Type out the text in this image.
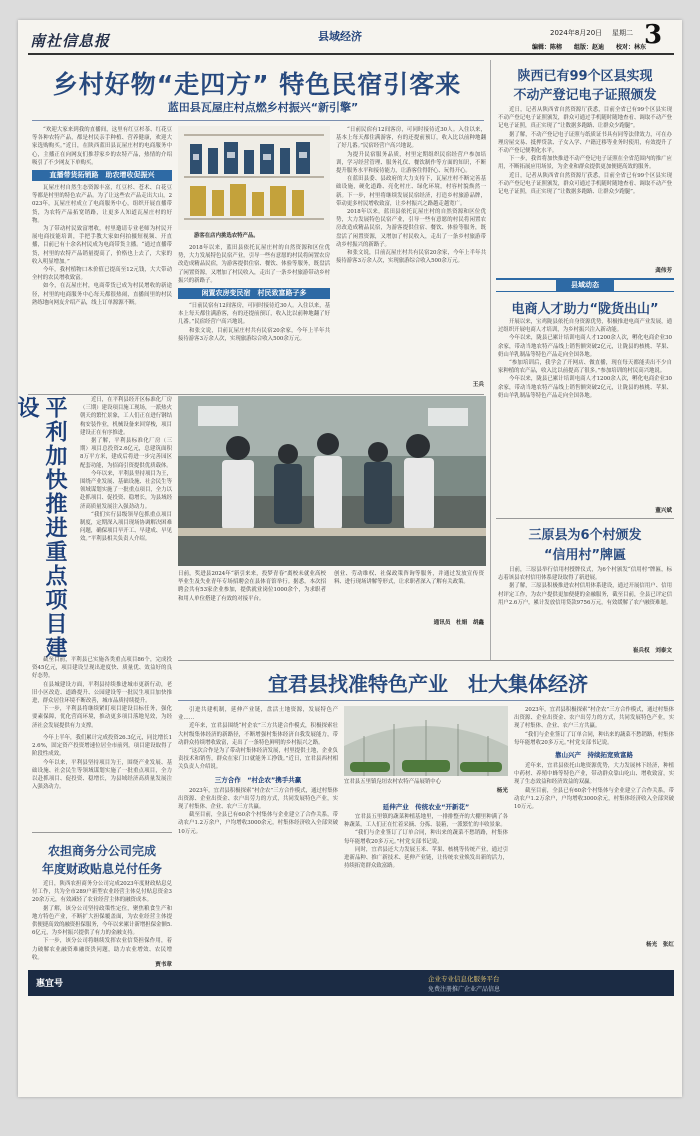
南社信息报	县域经济	2024年8月20日	星期二 3
编辑：陈榕	组版：赵迪	校对：林东
乡村好物“走四方” 特色民宿引客来
蓝田县瓦屋庄村点燃乡村振兴“新引擎”
“欢迎大家来到我的直播间，这里有红豆杉茶、红花豆等各种农特产品，都是村民亲手种植、营养健康，欢迎大家选购购买。”近日，在陕西蓝田县瓦屋庄村的电商服务中心，主播正在向网友们推荐家乡的农特产品，热情的介绍吸引了不少网友下单购买。
直播带货拓销路　助农增收促振兴
瓦屋庄村自然生态资源丰富，红豆杉、苍术、白花豆等都是村里的特色农产品。为了让这些农产品走出大山，2023年，瓦屋庄村成立了电商服务中心，组织开展直播带货，为农特产品拓宽销路，让更多人知道瓦屋庄村的好物。
为了带动村民致富增收，村里邀请专业老师为村民开展电商技能培训，手把手教大家如何拍摄短视频、开直播，目前已有十余名村民成为电商带货主播。“通过直播带货，村里的农特产品销量提高了，价格也上去了，大家的收入明显增加。”
今年，我村植物口木价值已提高至12元钱，大大带动全村的农民增收致富。
如今，在瓦屋庄村，电商带货已成为村民增收的新途径，村里的电商服务中心每天都很热闹，直播间里的村民熟练地向网友介绍产品，线上订单源源不断。
游客在店内挑选农特产品。
2018年以来，蓝田县依托瓦屋庄村的自然资源和区位优势，大力发展特色民宿产业，引导一些有意愿的村民将闲置农房改造成精品民宿，为游客提供住宿、餐饮、体验等服务，既盘活了闲置资源，又增加了村民收入，走出了一条乡村旅游带动乡村振兴的新路子。
闲置农房变民宿　村民致富路子多
“日前民宿有12间客房，可同时接待近30人。入住以来，基本上每天都住满游客，有的还提前预订，收入比以前种地翻了好几番。”民宿经营户高兴地说。
和张文说，目前瓦屋庄村共有民宿20余家，今年上半年共接待游客3万余人次，实现旅游综合收入500余万元。
“日前民宿有12间客房，可同时接待近30人。入住以来，基本上每天都住满游客，有的还提前预订，收入比以前种地翻了好几番。”民宿经营户高兴地说。
为提升民宿服务品质，村里定期组织民宿经营户参加培训，学习经营管理、服务礼仪、餐饮制作等方面的知识，不断提升服务水平和接待能力，让游客住得舒心、玩得开心。
在蓝田县委、县政府的大力支持下，瓦屋庄村不断完善基础设施，硬化道路、亮化村庄、绿化环境，村容村貌焕然一新。下一步，村里将继续发展民宿经济，打造乡村旅游品牌，带动更多村民增收致富，让乡村振兴之路越走越宽广。
2018年以来，蓝田县依托瓦屋庄村的自然资源和区位优势，大力发展特色民宿产业，引导一些有意愿的村民将闲置农房改造成精品民宿，为游客提供住宿、餐饮、体验等服务，既盘活了闲置资源，又增加了村民收入，走出了一条乡村旅游带动乡村振兴的新路子。
和张文说，目前瓦屋庄村共有民宿20余家，今年上半年共接待游客3万余人次，实现旅游综合收入500余万元。
王兵
平利加快推进重点项目建设	近日，在平利县经开区标准化厂房（三期）建设项目施工现场，一派热火朝天的繁忙景象，工人们正在进行钢结构安装作业，机械设备来回穿梭，项目建设正在有序推进。
据了解，平利县标准化厂房（三期）项目总投资2.6亿元，总建筑面积8万平方米，建成后将进一步完善园区配套功能，为招商引资提供优质载体。
今年以来，平利县坚持项目为王，围绕产业发展、基础设施、社会民生等领域谋划实施了一批重点项目，全力以赴抓项目、促投资、稳增长，为县域经济高质量发展注入强劲动力。
“我们实行县级领导包抓重点项目制度，定期深入项目现场协调解决困难问题，确保项目早开工、早建成、早见效。”平利县相关负责人介绍。
截至目前，平利县已实施各类重点项目86个，完成投资45亿元，项目建设呈现出进度快、质量优、效益好的良好态势。
在县城建设方面，平利县持续推进城市更新行动，老旧小区改造、道路提升、公园建设等一批民生项目加快推进，群众居住环境不断改善，城市品质持续提升。
下一步，平利县将继续紧盯项目建设目标任务，强化要素保障，优化营商环境，推动更多项目落地见效，为经济社会发展提供有力支撑。
今年上半年，我们累计完成投资26.3亿元，同比增长12.6%，固定资产投资增速位居全市前列，项目建设取得了阶段性成效。
今年以来，平利县坚持项目为王，围绕产业发展、基础设施、社会民生等领域谋划实施了一批重点项目，全力以赴抓项目、促投资、稳增长，为县域经济高质量发展注入强劲动力。
农担商务分公司完成
年度财政贴息兑付任务
近日，陕西农担商务分公司完成2023年度财政贴息兑付工作，共为全市289户新型农业经营主体兑付贴息资金320余万元，有效减轻了农业经营主体的融资成本。
据了解，该分公司坚持政策性定位，聚焦粮食生产和地方特色产业，不断扩大担保覆盖面，为农业经营主体提供便捷高效的融资担保服务，今年以来累计新增担保金额5.6亿元，为乡村振兴提供了有力的金融支持。
下一步，该分公司将继续发挥农业信贷担保作用，着力破解农业融资难融资贵问题，助力农业增效、农民增收。
贾书章
日前，奖进县2024年“新引来来，投梦青春”离校未就业高校毕业生及失业青年专场招聘会在县体育馆举行。据悉，本次招聘会共有53家企业参加，提供就业岗位1000余个，为求职者和用人单位搭建了有效的对接平台。
创业、劳动维权、社保政策咨询等服务，并通过发放宣传资料、进行现场讲解等形式，让求职者深入了解有关政策。
通讯员　杜娟　胡鑫
陕西已有99个区县实现
不动产登记电子证照颁发
近日，记者从陕西省自然资源厅获悉，目前全省已有99个区县实现不动产登记电子证照颁发，群众可通过手机随时随地查看、调取不动产登记电子证照，真正实现了“让数据多跑路、让群众少跑腿”。
据了解，不动产登记电子证照与纸质证书具有同等法律效力，可在办理房屋交易、抵押贷款、子女入学、户籍迁移等业务时使用，有效提升了不动产登记便利化水平。
下一步，我省将加快推进不动产登记电子证照在全省范围内的推广应用，不断拓展应用场景，为企业和群众提供更加便捷高效的服务。
近日，记者从陕西省自然资源厅获悉，目前全省已有99个区县实现不动产登记电子证照颁发，群众可通过手机随时随地查看、调取不动产登记电子证照，真正实现了“让数据多跑路、让群众少跑腿”。
龚伟芳
县域动态
电商人才助力“陇货出山”
开展以来，宝鸡陇县依托自身资源优势，积极推进电商产业发展，通过组织开展电商人才培训，为乡村振兴注入新动能。
今年以来，陇县已累计培训电商人才1200余人次，孵化电商企业30余家，带动当地农特产品线上销售额突破2亿元，让陇县的核桃、苹果、奶山羊乳制品等特色产品走向全国各地。
“参加培训后，我学会了开网店、做直播，现在每天都能卖出不少自家种植的农产品，收入比以前提高了很多。”参加培训的村民高兴地说。
今年以来，陇县已累计培训电商人才1200余人次，孵化电商企业30余家，带动当地农特产品线上销售额突破2亿元，让陇县的核桃、苹果、奶山羊乳制品等特色产品走向全国各地。
董兴斌
三原县为6个村颁发
“信用村”牌匾
日前，三原县举行信用村授牌仪式，为6个村颁发“信用村”牌匾，标志着该县农村信用体系建设取得了新进展。
据了解，三原县积极推进农村信用体系建设，通过开展信用户、信用村评定工作，为农户提供更加便捷的金融服务，截至目前，全县已评定信用户2.6万户，累计发放信用贷款9756万元，有效缓解了农户融资难题。
崔兵权　刘泰文
宜君县找准特色产业　壮大集体经济
引进共建机制，延伸产业链，盘活土地资源，发展特色产业……
近年来，宜君县围绕“村企农”三方共建合作模式，积极探索壮大村级集体经济的新路径，不断增强村集体经济自我发展能力，带动群众持续增收致富，走出了一条特色鲜明的乡村振兴之路。
“这次合作是为了带动村集体经济发展，村里提供土地，企业负责技术和销售，群众在家门口就能务工挣钱。”近日，宜君县西村相关负责人介绍说。
三方合作　“村企农”携手共赢
2023年，宜君县积极探索“村企农”三方合作模式，通过村集体出资源、企业出资金、农户出劳力的方式，共同发展特色产业，实现了村集体、企业、农户三方共赢。
截至目前，全县已有60余个村集体与企业建立了合作关系，带动农户1.2万余户，户均增收3000余元，村集体经济收入全部突破10万元。
宜君县五里镇凫垣农村农特产品展销中心
杨光
延伸产业　传统农业“开新花”
宜君县五里镇的蔬菜种植基地里，一排排整齐的大棚里种满了各种蔬菜，工人们正在忙着采摘、分拣、装箱，一派繁忙的丰收景象。
“我们与企业签订了订单合同，种出来的蔬菜不愁销路，村集体每年能增收20多万元。”村党支部书记说。
同时，宜君县还大力发展玉米、苹果、核桃等传统产业，通过引进新品种、推广新技术、延伸产业链，让传统农业焕发出新的活力，持续拓宽群众致富路。
2023年，宜君县积极探索“村企农”三方合作模式，通过村集体出资源、企业出资金、农户出劳力的方式，共同发展特色产业，实现了村集体、企业、农户三方共赢。
“我们与企业签订了订单合同，种出来的蔬菜不愁销路，村集体每年能增收20多万元。”村党支部书记说。
靠山兴产　持续拓宽致富路
近年来，宜君县依托山地资源优势，大力发展林下经济，种植中药材、养殖中蜂等特色产业，带动群众靠山吃山、增收致富，实现了生态效益和经济效益的双赢。
截至目前，全县已有60余个村集体与企业建立了合作关系，带动农户1.2万余户，户均增收3000余元，村集体经济收入全部突破10万元。
杨光　张红
惠宜号	企业专业信息化服务平台
免费注册推广企业产品信息
